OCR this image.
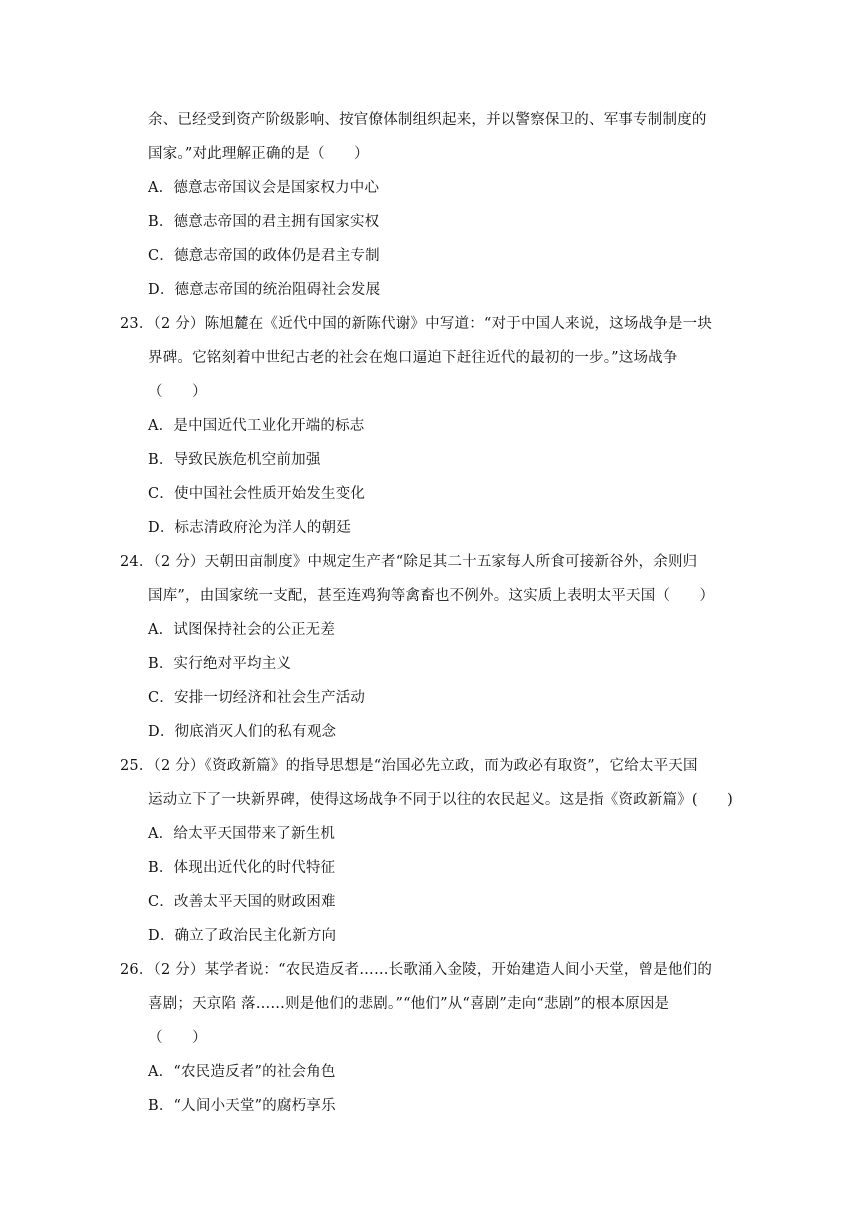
余、已经受到资产阶级影响、按官僚体制组织起来，并以警察保卫的、军事专制制度的
国家。”对此理解正确的是（　　）
A．德意志帝国议会是国家权力中心
B．德意志帝国的君主拥有国家实权
C．德意志帝国的政体仍是君主专制
D．德意志帝国的统治阻碍社会发展
23．（2 分）陈旭麓在《近代中国的新陈代谢》中写道：“对于中国人来说，这场战争是一块
界碑。它铭刻着中世纪古老的社会在炮口逼迫下赶往近代的最初的一步。”这场战争
（　　）
A．是中国近代工业化开端的标志
B．导致民族危机空前加强
C．使中国社会性质开始发生变化
D．标志清政府沦为洋人的朝廷
24．（2 分）天朝田亩制度》中规定生产者“除足其二十五家每人所食可接新谷外，余则归
国库”，由国家统一支配，甚至连鸡狗等禽畜也不例外。这实质上表明太平天国（　　）
A．试图保持社会的公正无差
B．实行绝对平均主义
C．安排一切经济和社会生产活动
D．彻底消灭人们的私有观念
25．（2 分）《资政新篇》的指导思想是“治国必先立政，而为政必有取资”，它给太平天国
运动立下了一块新界碑，使得这场战争不同于以往的农民起义。这是指《资政新篇》(　　)
A．给太平天国带来了新生机
B．体现出近代化的时代特征
C．改善太平天国的财政困难
D．确立了政治民主化新方向
26．（2 分）某学者说：“农民造反者……长歌涌入金陵，开始建造人间小天堂，曾是他们的
喜剧；天京陷 落……则是他们的悲剧。”“他们”从“喜剧”走向“悲剧”的根本原因是
（　　）
A．“农民造反者”的社会角色
B．“人间小天堂”的腐朽享乐
